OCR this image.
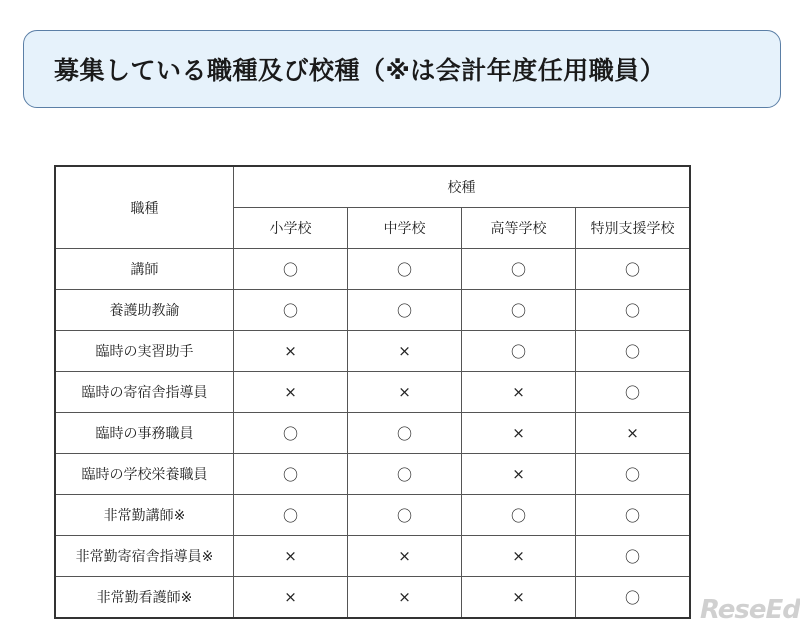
募集している職種及び校種（※は会計年度任用職員）
職種	校種			
	小学校	中学校	高等学校	特別支援学校
講師	〇	〇	〇	〇
養護助教諭	〇	〇	〇	〇
臨時の実習助手	×	×	〇	〇
臨時の寄宿舎指導員	×	×	×	〇
臨時の事務職員	〇	〇	×	×
臨時の学校栄養職員	〇	〇	×	〇
非常勤講師※	〇	〇	〇	〇
非常勤寄宿舎指導員※	×	×	×	〇
非常勤看護師※	×	×	×	〇 ReseEd
